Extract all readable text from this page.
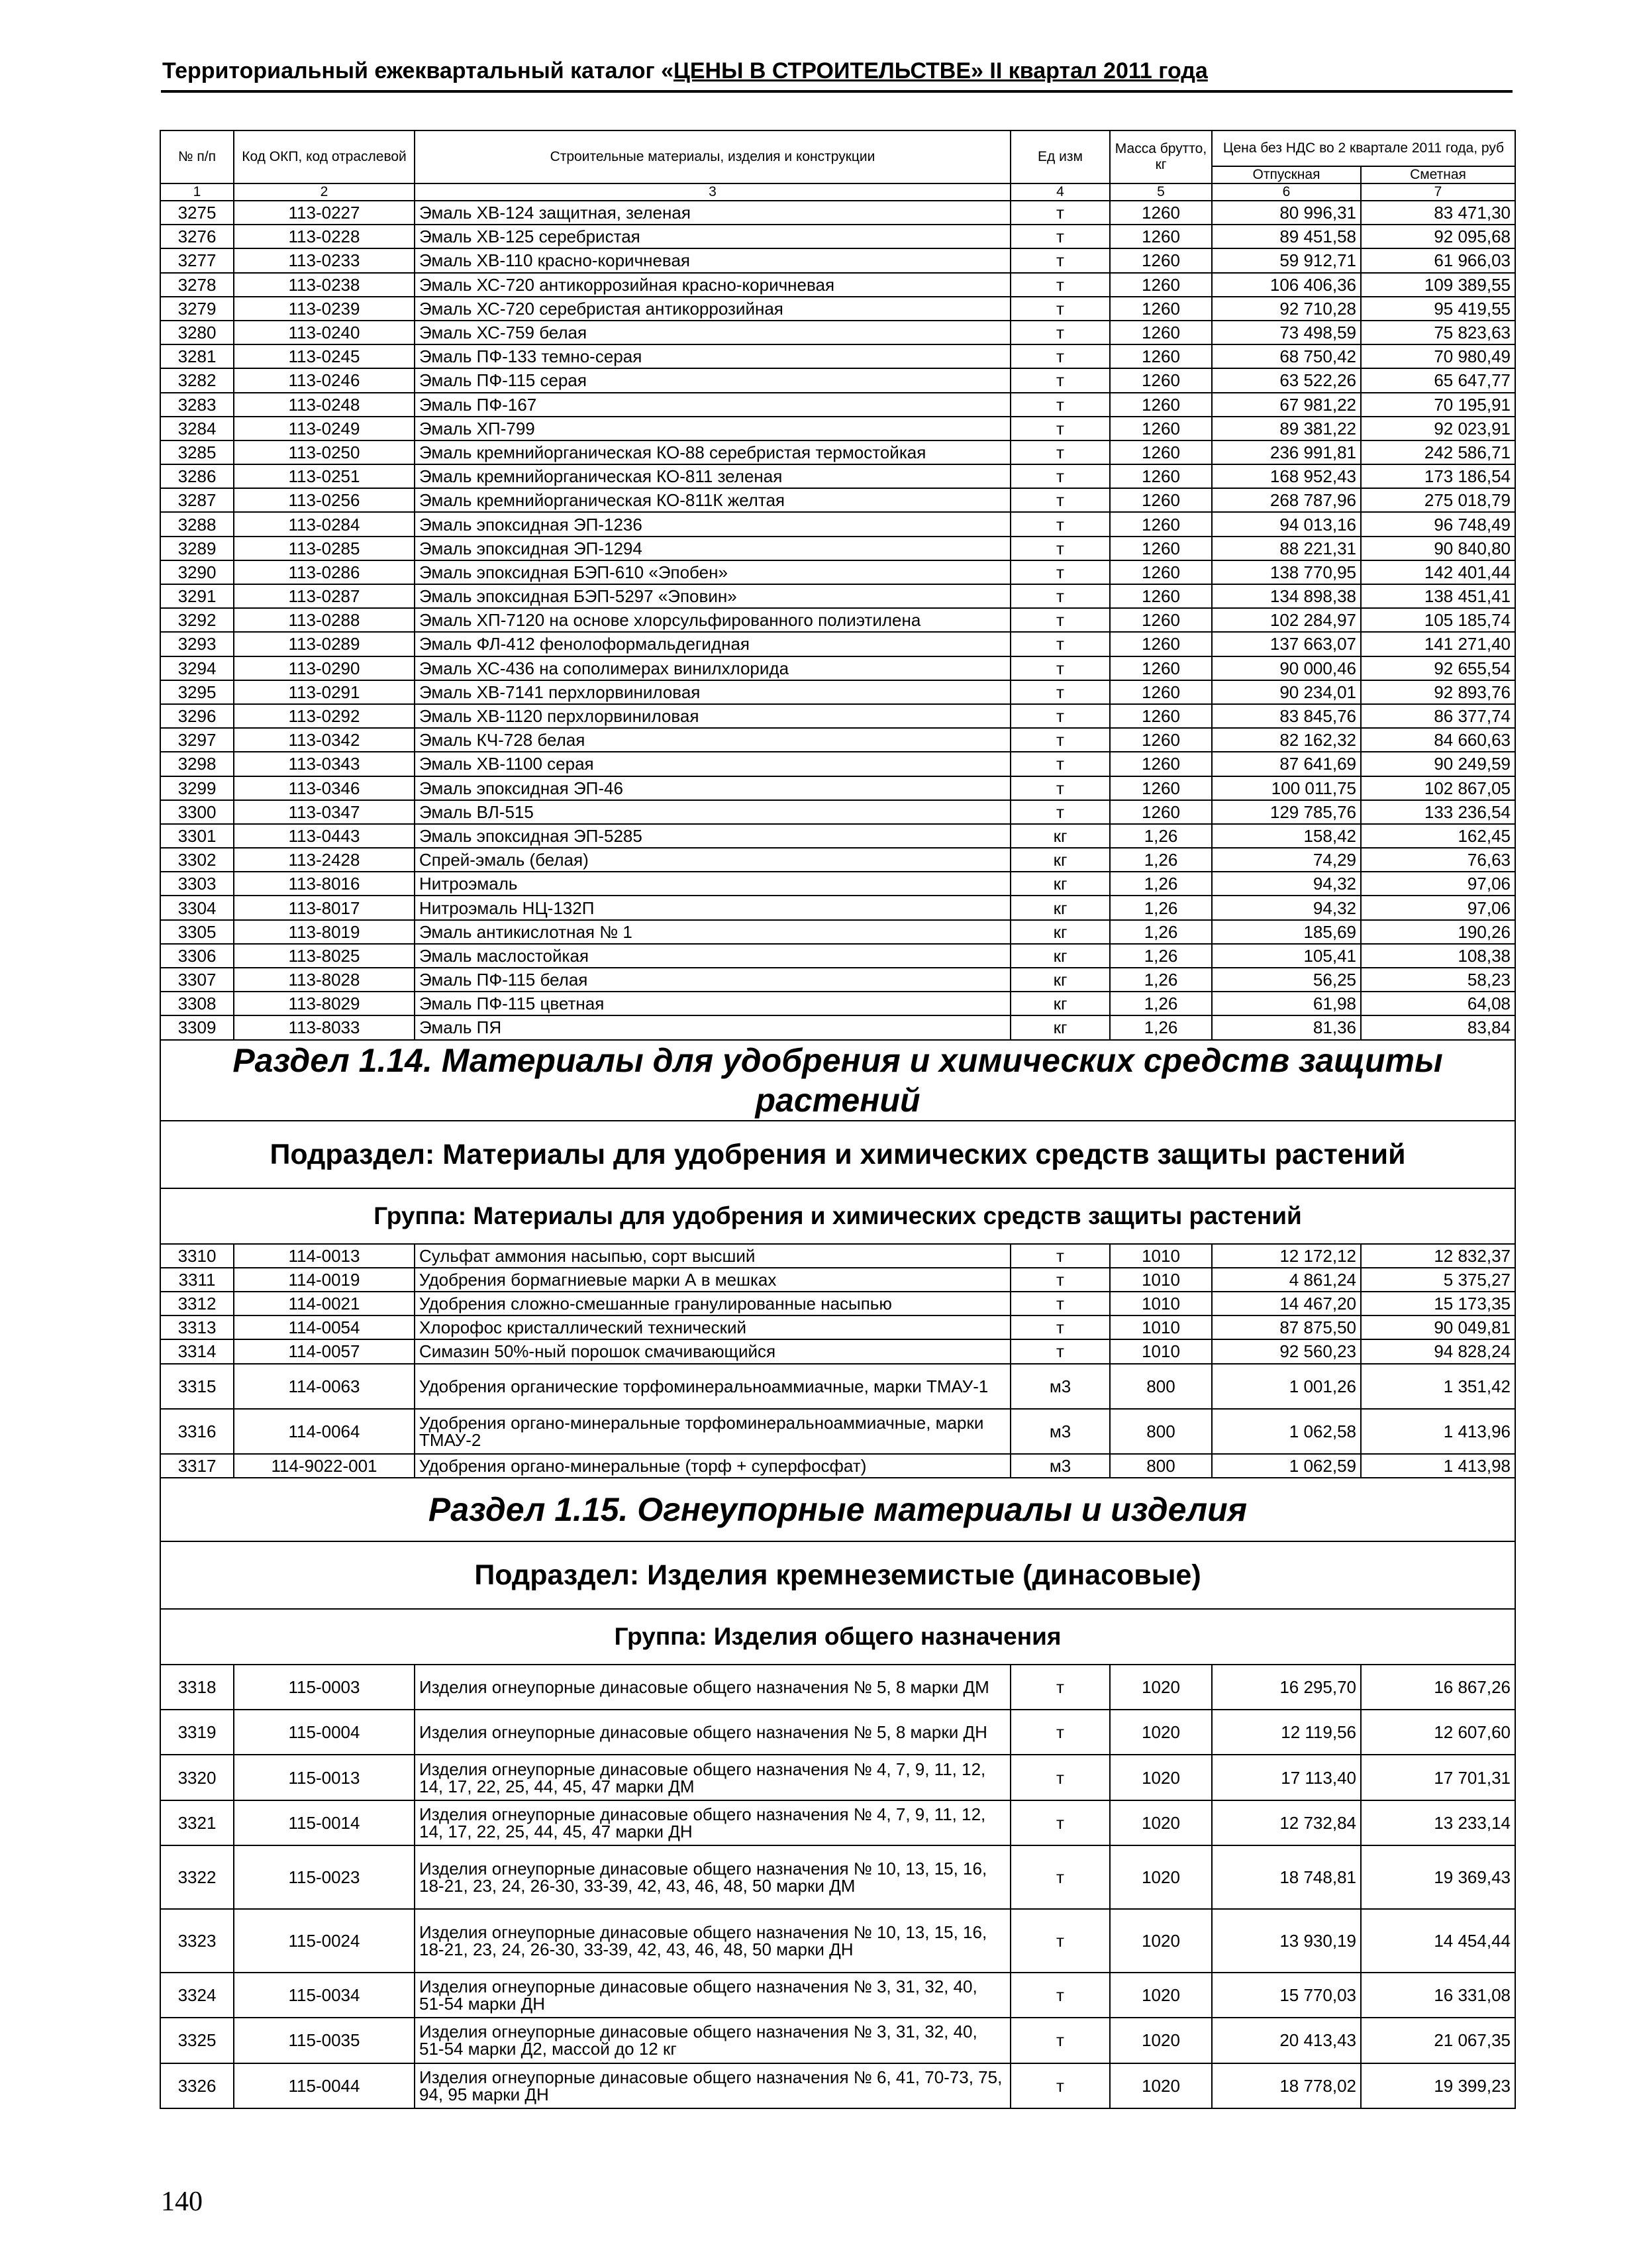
Территориальный ежеквартальный каталог «ЦЕНЫ В СТРОИТЕЛЬСТВЕ» II квартал 2011 года
№ п/п	Код ОКП, код отраслевой	Строительные материалы, изделия и конструкции	Ед изм	Масса брутто, кг	Цена без НДС во 2 квартале 2011 года, руб	

					Отпускная	Сметная
1	2	3	4	5	6	7
3275	113-0227	Эмаль ХВ-124 защитная, зеленая	т	1260	80 996,31	83 471,30
3276	113-0228	Эмаль ХВ-125 серебристая	т	1260	89 451,58	92 095,68
3277	113-0233	Эмаль ХВ-110 красно-коричневая	т	1260	59 912,71	61 966,03
3278	113-0238	Эмаль ХС-720 антикоррозийная красно-коричневая	т	1260	106 406,36	109 389,55
3279	113-0239	Эмаль ХС-720 серебристая антикоррозийная	т	1260	92 710,28	95 419,55
3280	113-0240	Эмаль ХС-759 белая	т	1260	73 498,59	75 823,63
3281	113-0245	Эмаль ПФ-133 темно-серая	т	1260	68 750,42	70 980,49
3282	113-0246	Эмаль ПФ-115 серая	т	1260	63 522,26	65 647,77
3283	113-0248	Эмаль ПФ-167	т	1260	67 981,22	70 195,91
3284	113-0249	Эмаль ХП-799	т	1260	89 381,22	92 023,91
3285	113-0250	Эмаль кремнийорганическая КО-88 серебристая термостойкая	т	1260	236 991,81	242 586,71
3286	113-0251	Эмаль кремнийорганическая КО-811 зеленая	т	1260	168 952,43	173 186,54
3287	113-0256	Эмаль кремнийорганическая КО-811К желтая	т	1260	268 787,96	275 018,79
3288	113-0284	Эмаль эпоксидная ЭП-1236	т	1260	94 013,16	96 748,49
3289	113-0285	Эмаль эпоксидная ЭП-1294	т	1260	88 221,31	90 840,80
3290	113-0286	Эмаль эпоксидная БЭП-610 «Эпобен»	т	1260	138 770,95	142 401,44
3291	113-0287	Эмаль эпоксидная БЭП-5297 «Эповин»	т	1260	134 898,38	138 451,41
3292	113-0288	Эмаль ХП-7120 на основе хлорсульфированного полиэтилена	т	1260	102 284,97	105 185,74
3293	113-0289	Эмаль ФЛ-412 фенолоформальдегидная	т	1260	137 663,07	141 271,40
3294	113-0290	Эмаль ХС-436 на сополимерах винилхлорида	т	1260	90 000,46	92 655,54
3295	113-0291	Эмаль ХВ-7141 перхлорвиниловая	т	1260	90 234,01	92 893,76
3296	113-0292	Эмаль ХВ-1120 перхлорвиниловая	т	1260	83 845,76	86 377,74
3297	113-0342	Эмаль КЧ-728 белая	т	1260	82 162,32	84 660,63
3298	113-0343	Эмаль ХВ-1100 серая	т	1260	87 641,69	90 249,59
3299	113-0346	Эмаль эпоксидная ЭП-46	т	1260	100 011,75	102 867,05
3300	113-0347	Эмаль ВЛ-515	т	1260	129 785,76	133 236,54
3301	113-0443	Эмаль эпоксидная ЭП-5285	кг	1,26	158,42	162,45
3302	113-2428	Спрей-эмаль (белая)	кг	1,26	74,29	76,63
3303	113-8016	Нитроэмаль	кг	1,26	94,32	97,06
3304	113-8017	Нитроэмаль НЦ-132П	кг	1,26	94,32	97,06
3305	113-8019	Эмаль антикислотная № 1	кг	1,26	185,69	190,26
3306	113-8025	Эмаль маслостойкая	кг	1,26	105,41	108,38
3307	113-8028	Эмаль ПФ-115 белая	кг	1,26	56,25	58,23
3308	113-8029	Эмаль ПФ-115 цветная	кг	1,26	61,98	64,08
3309	113-8033	Эмаль ПЯ	кг	1,26	81,36	83,84
Раздел 1.14. Материалы для удобрения и химических средств защиты растений						
Подраздел: Материалы для удобрения и химических средств защиты растений						
Группа: Материалы для удобрения и химических средств защиты растений						
3310	114-0013	Сульфат аммония насыпью, сорт высший	т	1010	12 172,12	12 832,37
3311	114-0019	Удобрения бормагниевые марки А в мешках	т	1010	4 861,24	5 375,27
3312	114-0021	Удобрения сложно-смешанные гранулированные насыпью	т	1010	14 467,20	15 173,35
3313	114-0054	Хлорофос кристаллический технический	т	1010	87 875,50	90 049,81
3314	114-0057	Симазин 50%-ный порошок смачивающийся	т	1010	92 560,23	94 828,24
3315	114-0063	Удобрения органические торфоминеральноаммиачные, марки ТМАУ-1	м3	800	1 001,26	1 351,42
3316	114-0064	Удобрения органо-минеральные торфоминеральноаммиачные, марки ТМАУ-2	м3	800	1 062,58	1 413,96
3317	114-9022-001	Удобрения органо-минеральные (торф + суперфосфат)	м3	800	1 062,59	1 413,98
Раздел 1.15. Огнеупорные материалы и изделия						
Подраздел: Изделия кремнеземистые (динасовые)						
Группа: Изделия общего назначения						
3318	115-0003	Изделия огнеупорные динасовые общего назначения № 5, 8 марки ДМ	т	1020	16 295,70	16 867,26
3319	115-0004	Изделия огнеупорные динасовые общего назначения № 5, 8 марки ДН	т	1020	12 119,56	12 607,60
3320	115-0013	Изделия огнеупорные динасовые общего назначения № 4, 7, 9, 11, 12, 14, 17, 22, 25, 44, 45, 47 марки ДМ	т	1020	17 113,40	17 701,31
3321	115-0014	Изделия огнеупорные динасовые общего назначения № 4, 7, 9, 11, 12, 14, 17, 22, 25, 44, 45, 47 марки ДН	т	1020	12 732,84	13 233,14
3322	115-0023	Изделия огнеупорные динасовые общего назначения № 10, 13, 15, 16, 18-21, 23, 24, 26-30, 33-39, 42, 43, 46, 48, 50 марки ДМ	т	1020	18 748,81	19 369,43
3323	115-0024	Изделия огнеупорные динасовые общего назначения № 10, 13, 15, 16, 18-21, 23, 24, 26-30, 33-39, 42, 43, 46, 48, 50 марки ДН	т	1020	13 930,19	14 454,44
3324	115-0034	Изделия огнеупорные динасовые общего назначения № 3, 31, 32, 40, 51-54 марки ДН	т	1020	15 770,03	16 331,08
3325	115-0035	Изделия огнеупорные динасовые общего назначения № 3, 31, 32, 40, 51-54 марки Д2, массой до 12 кг	т	1020	20 413,43	21 067,35
3326	115-0044	Изделия огнеупорные динасовые общего назначения № 6, 41, 70-73, 75, 94, 95 марки ДН	т	1020	18 778,02	19 399,23
140
